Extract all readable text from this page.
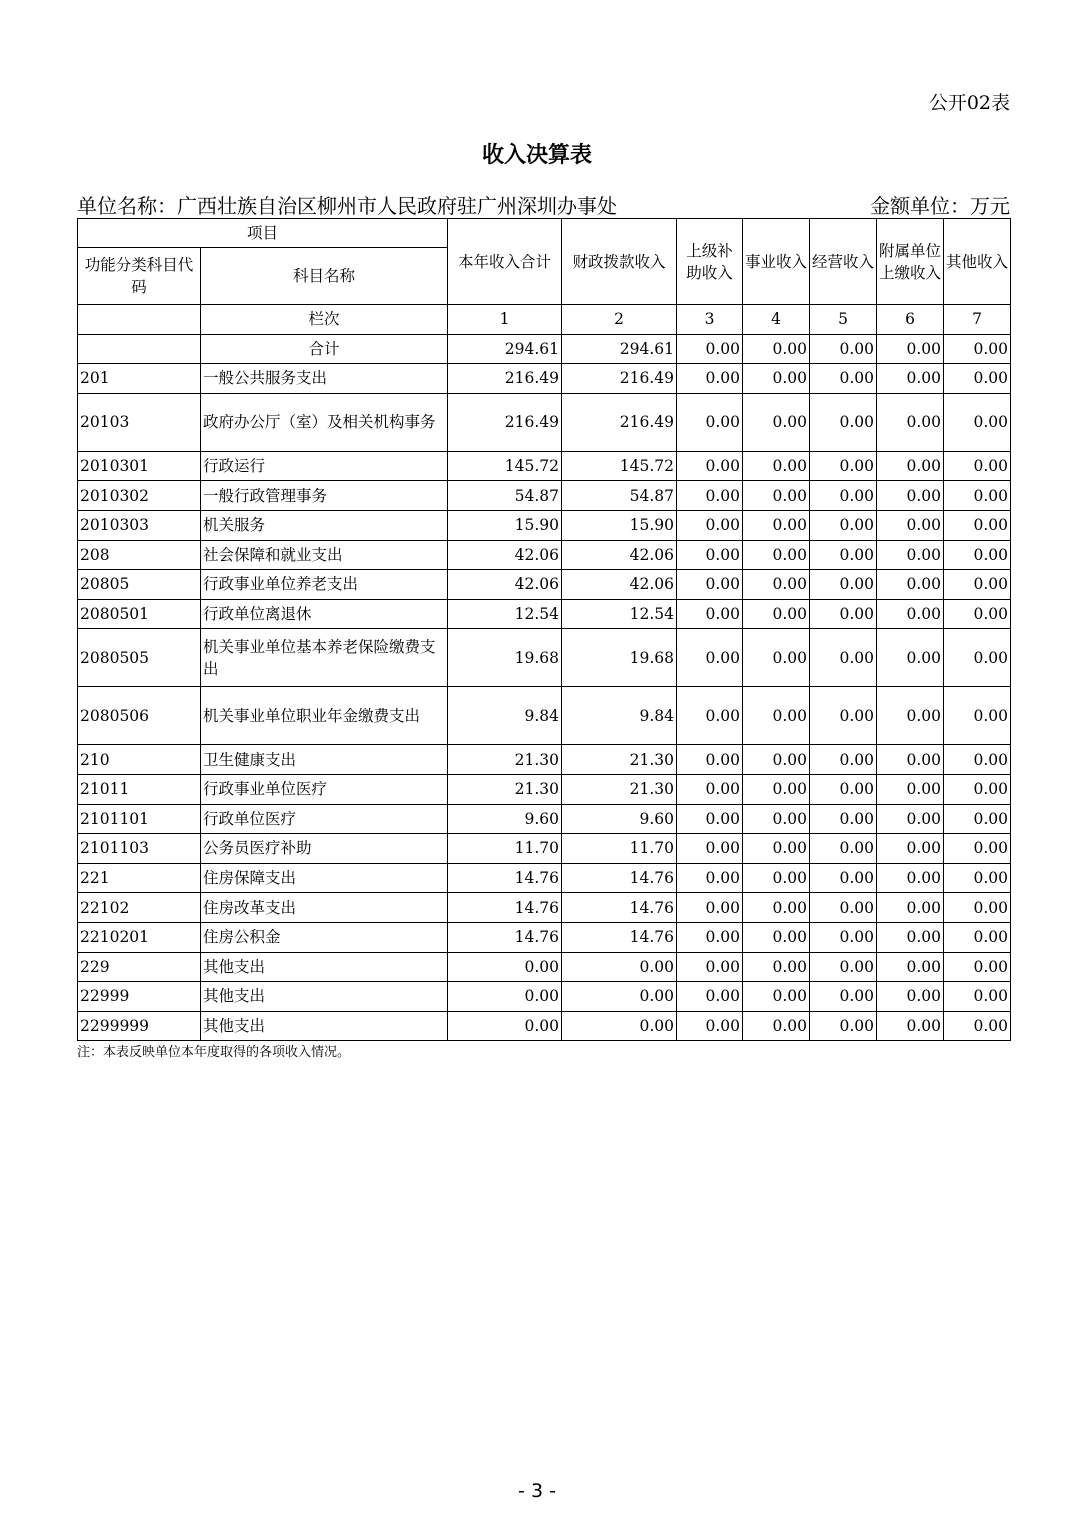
公开02表
收入决算表
单位名称：广西壮族自治区柳州市人民政府驻广州深圳办事处	金额单位：万元
项目		本年收入合计	财政拨款收入	上级补助收入	事业收入	经营收入	附属单位上缴收入	其他收入
功能分类科目代码	科目名称							
	栏次	1	2	3	4	5	6	7
	合计	294.61	294.61	0.00	0.00	0.00	0.00	0.00
201	一般公共服务支出	216.49	216.49	0.00	0.00	0.00	0.00	0.00
20103	政府办公厅（室）及相关机构事务	216.49	216.49	0.00	0.00	0.00	0.00	0.00
2010301	行政运行	145.72	145.72	0.00	0.00	0.00	0.00	0.00
2010302	一般行政管理事务	54.87	54.87	0.00	0.00	0.00	0.00	0.00
2010303	机关服务	15.90	15.90	0.00	0.00	0.00	0.00	0.00
208	社会保障和就业支出	42.06	42.06	0.00	0.00	0.00	0.00	0.00
20805	行政事业单位养老支出	42.06	42.06	0.00	0.00	0.00	0.00	0.00
2080501	行政单位离退休	12.54	12.54	0.00	0.00	0.00	0.00	0.00
2080505	机关事业单位基本养老保险缴费支出	19.68	19.68	0.00	0.00	0.00	0.00	0.00
2080506	机关事业单位职业年金缴费支出	9.84	9.84	0.00	0.00	0.00	0.00	0.00
210	卫生健康支出	21.30	21.30	0.00	0.00	0.00	0.00	0.00
21011	行政事业单位医疗	21.30	21.30	0.00	0.00	0.00	0.00	0.00
2101101	行政单位医疗	9.60	9.60	0.00	0.00	0.00	0.00	0.00
2101103	公务员医疗补助	11.70	11.70	0.00	0.00	0.00	0.00	0.00
221	住房保障支出	14.76	14.76	0.00	0.00	0.00	0.00	0.00
22102	住房改革支出	14.76	14.76	0.00	0.00	0.00	0.00	0.00
2210201	住房公积金	14.76	14.76	0.00	0.00	0.00	0.00	0.00
229	其他支出	0.00	0.00	0.00	0.00	0.00	0.00	0.00
22999	其他支出	0.00	0.00	0.00	0.00	0.00	0.00	0.00
2299999	其他支出	0.00	0.00	0.00	0.00	0.00	0.00	0.00
注：本表反映单位本年度取得的各项收入情况。
- 3 -
